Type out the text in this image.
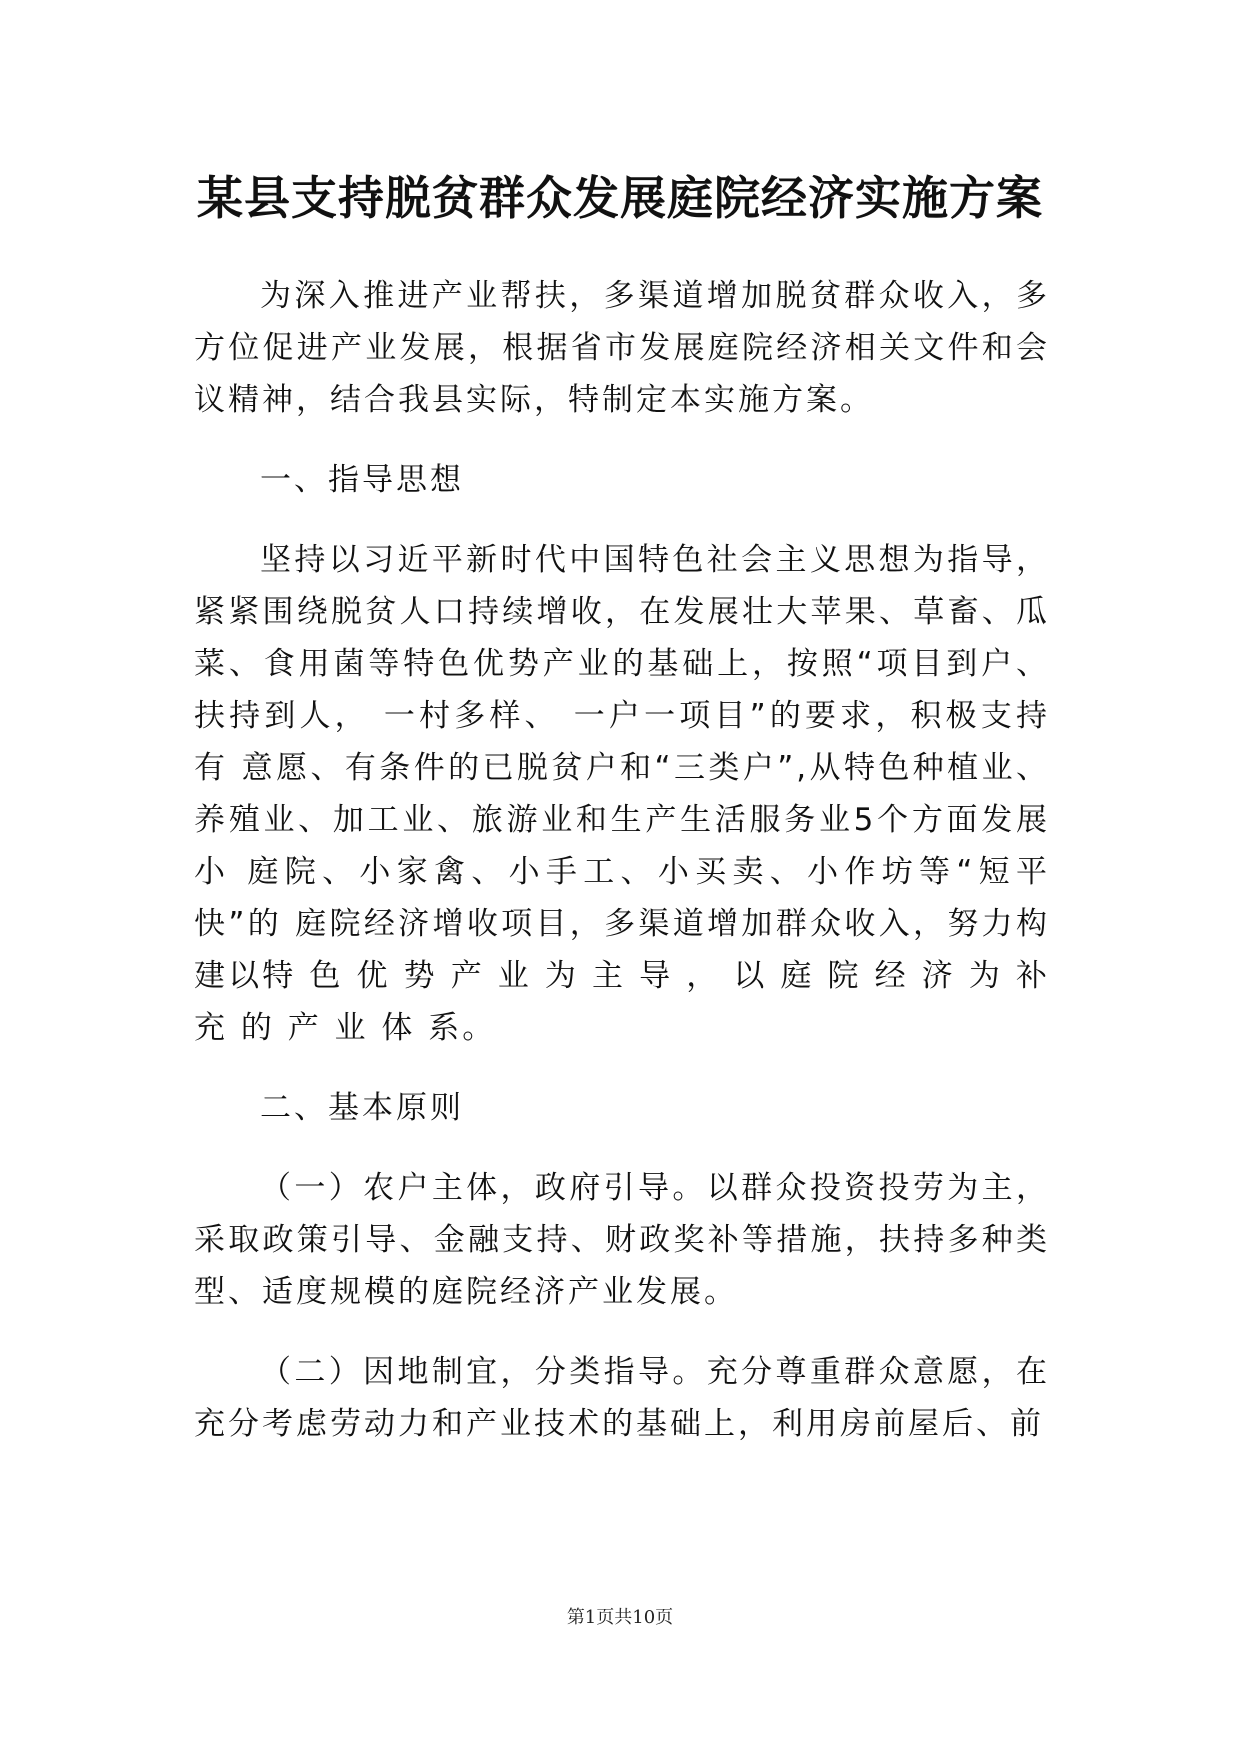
某县支持脱贫群众发展庭院经济实施方案

为深入推进产业帮扶，多渠道增加脱贫群众收入，多方位促进产业发展，根据省市发展庭院经济相关文件和会议精神，结合我县实际，特制定本实施方案。

一、指导思想

坚持以习近平新时代中国特色社会主义思想为指导，紧紧围绕脱贫人口持续增收，在发展壮大苹果、草畜、瓜菜、食用菌等特色优势产业的基础上，按照“项目到户、扶持到人， 一村多样、 一户一项目”的要求，积极支持有 意愿、有条件的已脱贫户和“三类户”,从特色种植业、 养殖业、加工业、旅游业和生产生活服务业5个方面发展小 庭院、小家禽、小手工、小买卖、小作坊等“短平快”的 庭院经济增收项目，多渠道增加群众收入，努力构建以特 色 优 势 产 业 为 主 导 ， 以 庭 院 经 济 为 补 充 的 产 业 体 系。

二、基本原则

（一）农户主体，政府引导。以群众投资投劳为主，采取政策引导、金融支持、财政奖补等措施，扶持多种类型、适度规模的庭院经济产业发展。

（二）因地制宜，分类指导。充分尊重群众意愿，在充分考虑劳动力和产业技术的基础上，利用房前屋后、前

第1页共10页
